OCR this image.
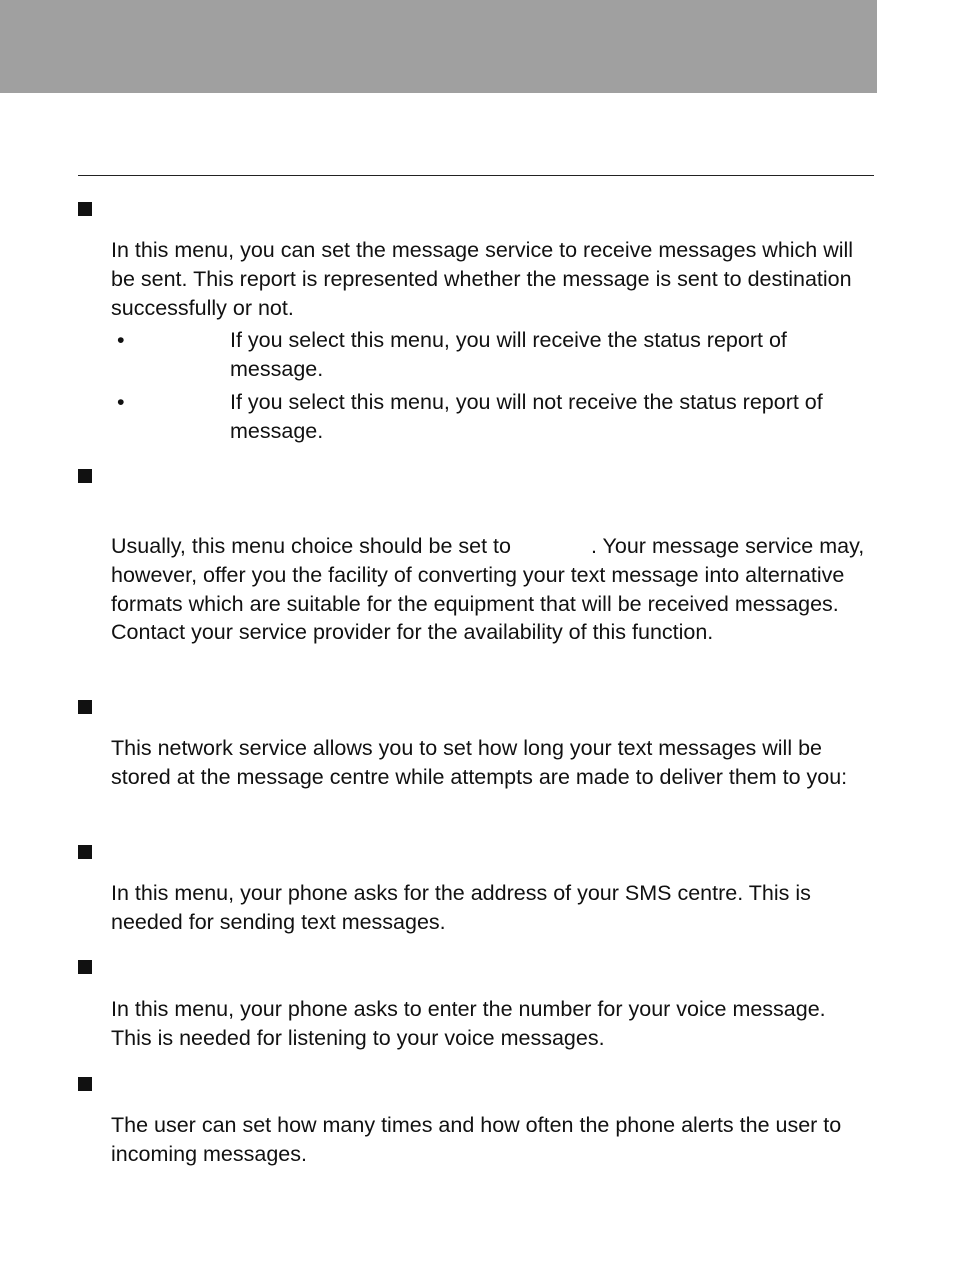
In this menu, you can set the message service to receive messages which will be sent. This report is represented whether the message is sent to destination successfully or not.

•	If you select this menu, you will receive the status report of message.

•	If you select this menu, you will not receive the status report of message.

Usually, this menu choice should be set to	. Your message service may, however, offer you the facility of converting your text message into alternative formats which are suitable for the equipment that will be received messages. Contact your service provider for the availability of this function.

This network service allows you to set how long your text messages will be stored at the message centre while attempts are made to deliver them to you:

In this menu, your phone asks for the address of your SMS centre. This is needed for sending text messages.

In this menu, your phone asks to enter the number for your voice message. This is needed for listening to your voice messages.

The user can set how many times and how often the phone alerts the user to incoming messages.
